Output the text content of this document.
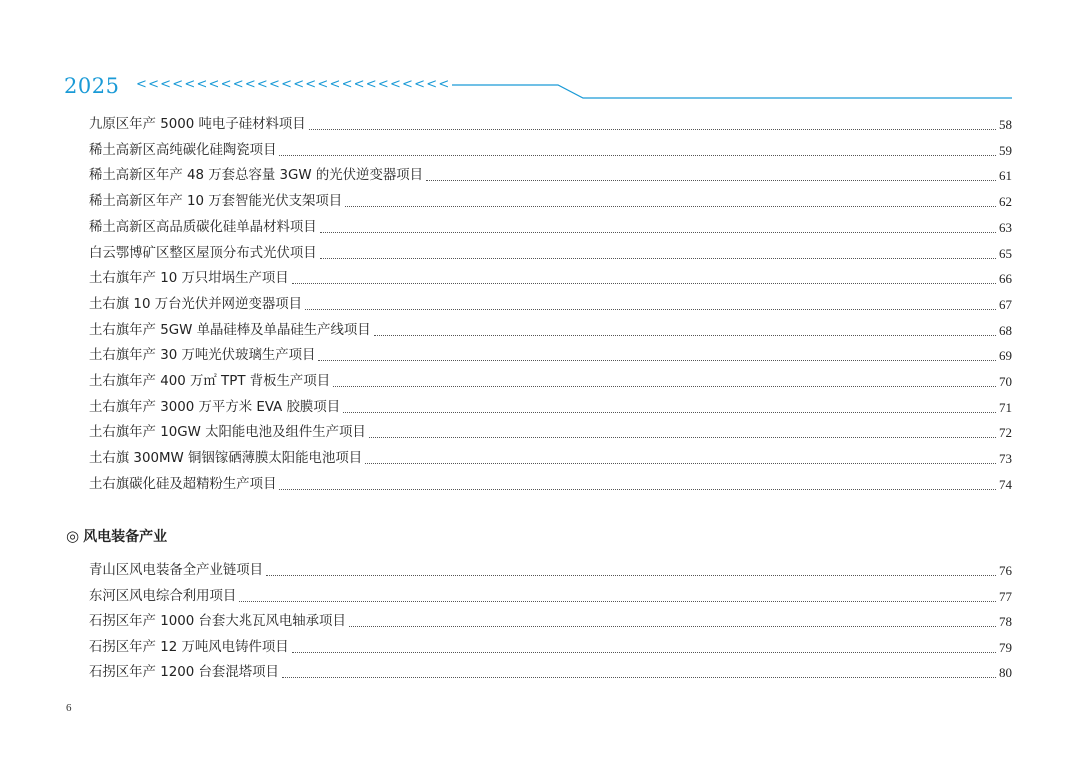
2025 <<<<<<<<<<<<<<<<<<<<<<<<<<
九原区年产 5000 吨电子硅材料项目	58
稀土高新区高纯碳化硅陶瓷项目	59
稀土高新区年产 48 万套总容量 3GW 的光伏逆变器项目	61
稀土高新区年产 10 万套智能光伏支架项目	62
稀土高新区高品质碳化硅单晶材料项目	63
白云鄂博矿区整区屋顶分布式光伏项目	65
土右旗年产 10 万只坩埚生产项目	66
土右旗 10 万台光伏并网逆变器项目	67
土右旗年产 5GW 单晶硅棒及单晶硅生产线项目	68
土右旗年产 30 万吨光伏玻璃生产项目	69
土右旗年产 400 万㎡ TPT 背板生产项目	70
土右旗年产 3000 万平方米 EVA 胶膜项目	71
土右旗年产 10GW 太阳能电池及组件生产项目	72
土右旗 300MW 铜铟镓硒薄膜太阳能电池项目	73
土右旗碳化硅及超精粉生产项目	74
◎ 风电装备产业
青山区风电装备全产业链项目	76
东河区风电综合利用项目	77
石拐区年产 1000 台套大兆瓦风电轴承项目	78
石拐区年产 12 万吨风电铸件项目	79
石拐区年产 1200 台套混塔项目	80
6
